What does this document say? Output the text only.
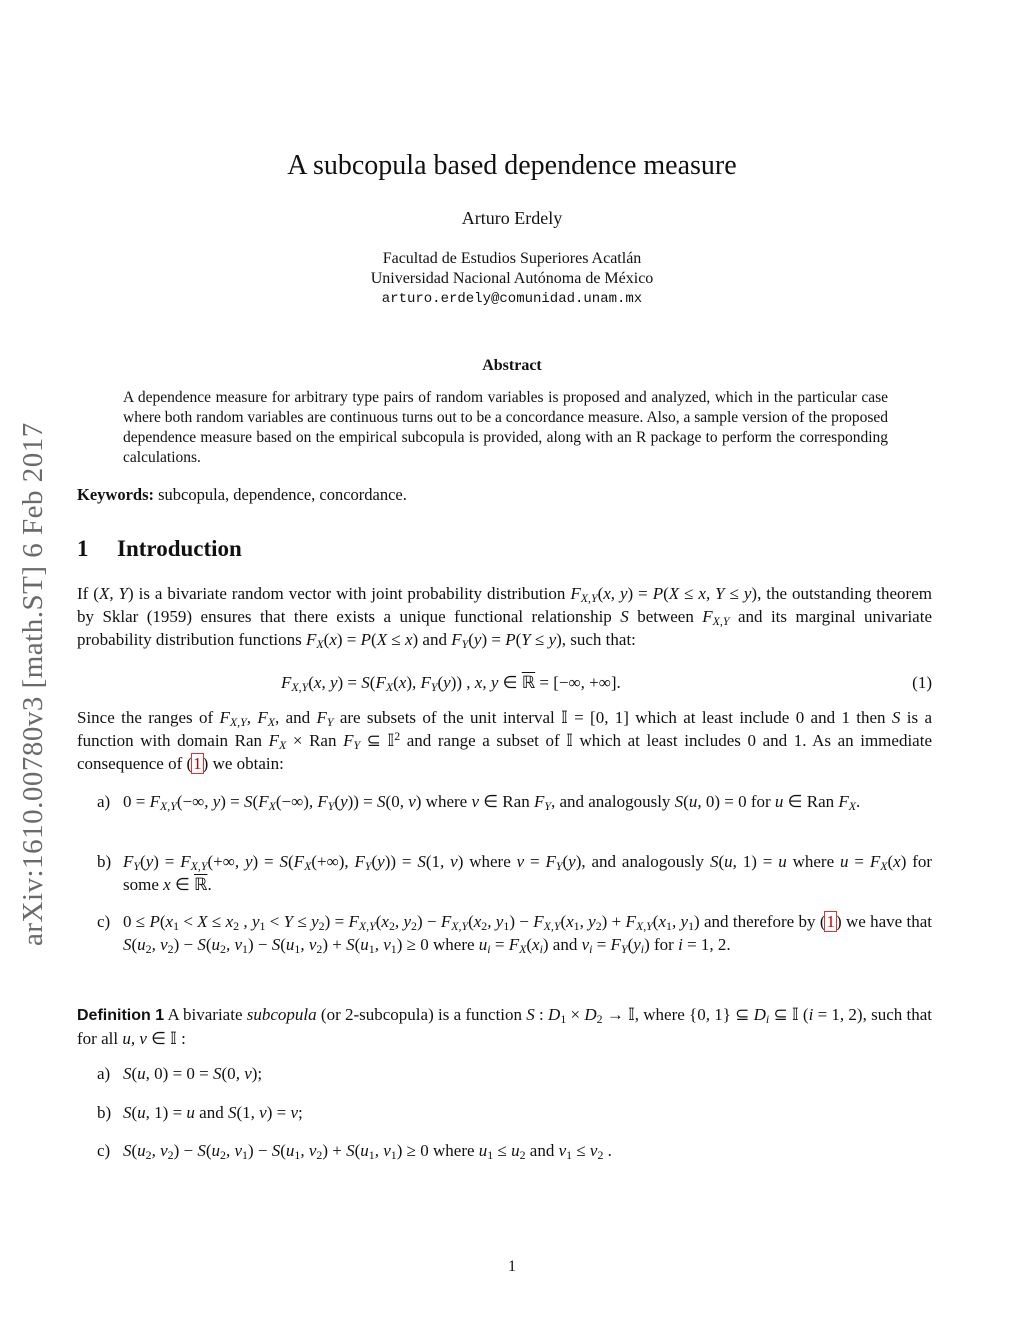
arXiv:1610.00780v3 [math.ST] 6 Feb 2017
A subcopula based dependence measure
Arturo Erdely
Facultad de Estudios Superiores Acatlán
Universidad Nacional Autónoma de México
arturo.erdely@comunidad.unam.mx
Abstract
A dependence measure for arbitrary type pairs of random variables is proposed and analyzed, which in the particular case where both random variables are continuous turns out to be a concordance measure. Also, a sample version of the proposed dependence measure based on the empirical subcopula is provided, along with an R package to perform the corresponding calculations.
Keywords: subcopula, dependence, concordance.
1 Introduction
If (X, Y) is a bivariate random vector with joint probability distribution $F_{X,Y}(x$, y) = P(X ≤ x, Y ≤ y), the outstanding theorem by Sklar (1959) ensures that there exists a unique functional relationship S between $F_{X,Y}$ and its marginal univariate probability distribution functions $F_X(x) = P(X \le x)$ and $F_Y(y) = P(Y \le y)$, such that:
$F_{X,Y}(x$, $y) = S(F_X(x)$, $F_Y(y)$) , x, y ∈ ℝ = [−∞, +∞].	(1)
Since the ranges of $F_{X,Y}$, $F_X$, and $F_Y$ are subsets of the unit interval 𝕀 = [0, 1] which at least include 0 and 1 then S is a function with domain Ran $F_X$ × Ran $F_Y$ ⊆ 𝕀$^2$ and range a subset of 𝕀 which at least includes 0 and 1. As an immediate consequence of (1) we obtain:
a) $0 = F_{X,Y}(-\infty$, $y) = S(F_X(-\infty)$, $F_Y(y)) = S(0$, v) where v ∈ Ran $F_Y$, and analogously S(u, 0) = 0 for u ∈ Ran $F_X$.
b) $F_Y(y) = F_{X,Y}(+\infty$, $y) = S(F_X(+\infty)$, $F_Y(y)) = S(1$, v) where $v = F_Y(y)$, and analogously S(u, 1) = u where $u = F_X(x)$ for some x ∈ ℝ.
c) $0 \le P(x_1 < X \le x_2$ , $y_1 < Y \le y_2) = F_{X,Y}(x_2$, $y_2) - F_{X,Y}(x_2$, $y_1) - F_{X,Y}(x_1$, $y_2) + F_{X,Y}(x_1$, $y_1$) and therefore by (1) we have that $S(u_2$, $v_2) - S(u_2$, $v_1) - S(u_1$, $v_2) + S(u_1$, $v_1) \ge 0$ where $u_i = F_X(x_i)$ and $v_i = F_Y(y_i)$ for i = 1, 2.
Definition 1 A bivariate subcopula (or 2-subcopula) is a function S : $D_1 \times D_2$ → 𝕀, where {0, 1} ⊆ $D_i$ ⊆ 𝕀 (i = 1, 2), such that for all u, v ∈ 𝕀 :
a) S(u, 0) = 0 = S(0, v);
b) S(u, 1) = u and S(1, v) = v;
c) $S(u_2$, $v_2) - S(u_2$, $v_1) - S(u_1$, $v_2) + S(u_1$, $v_1) \ge 0$ where $u_1 \le u_2$ and $v_1 \le v_2$ .
1
